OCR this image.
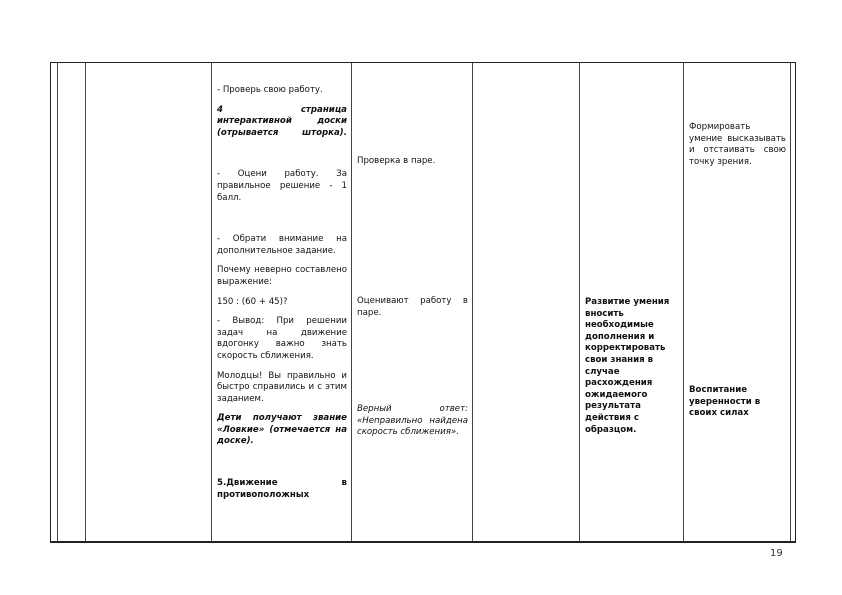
- Проверь свою работу.

4 страница интерактивной доски (отрывается шторка).

- Оцени работу. За правильное решение - 1 балл.

- Обрати внимание на дополнительное задание.

Почему неверно составлено выражение:

150 : (60 + 45)?

- Вывод: При решении задач на движение вдогонку важно знать скорость сближения.

Молодцы! Вы правильно и быстро справились и с этим заданием.

Дети получают звание «Ловкие» (отмечается на доске).

5.Движение в противоположных

Проверка в паре.

Оценивают работу в паре.

Верный ответ: «Неправильно найдена скорость сближения».

Развитие умения вносить необходимые дополнения и корректировать свои знания в случае расхождения ожидаемого результата действия с образцом.

Формировать умение высказывать и отстаивать свою точку зрения.

Воспитание уверенности в своих силах

19
